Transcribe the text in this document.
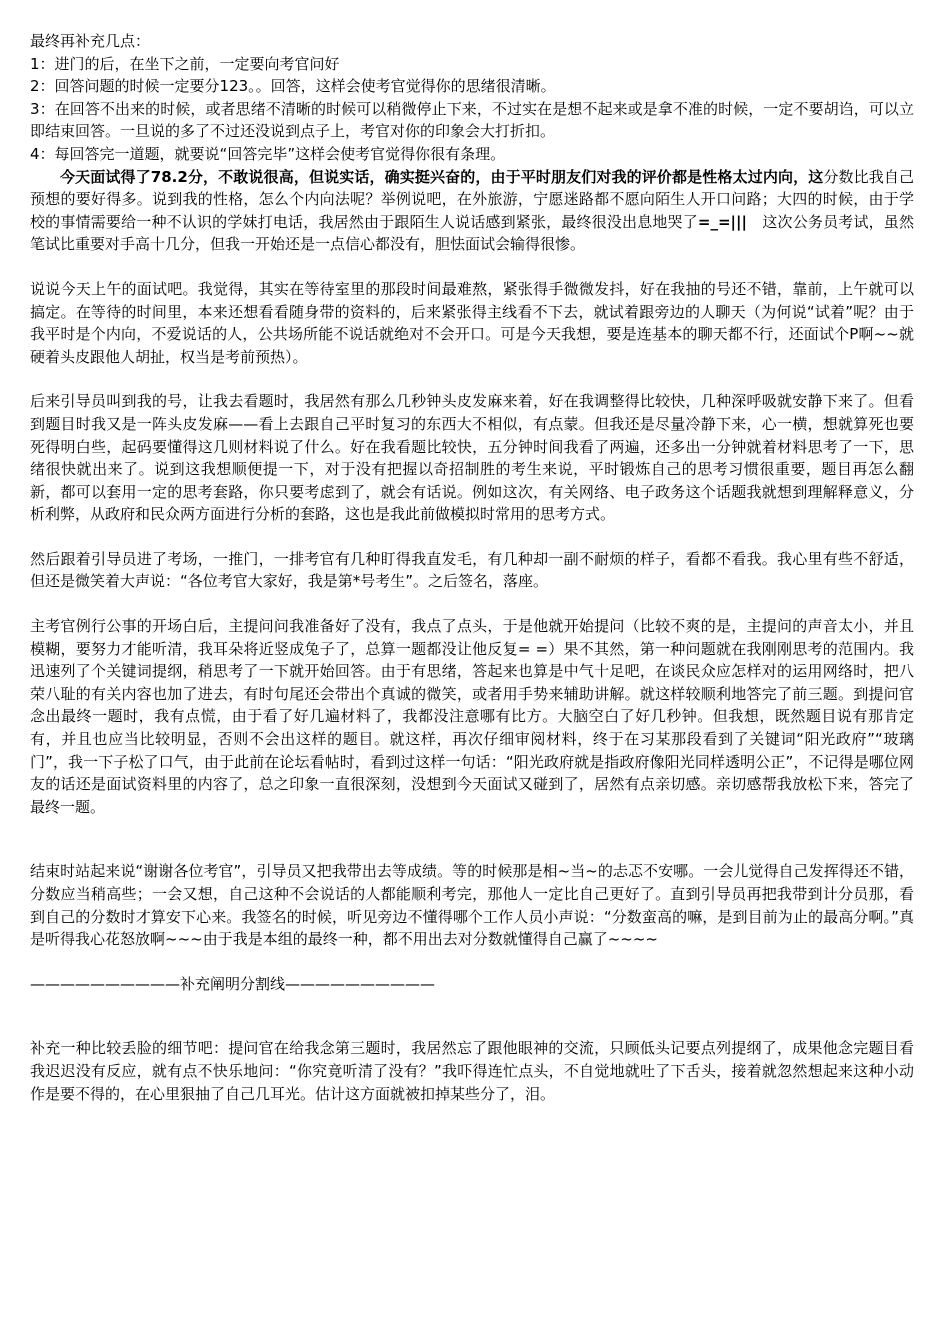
最终再补充几点：

1：进门的后，在坐下之前，一定要向考官问好

2：回答问题的时候一定要分123。。回答，这样会使考官觉得你的思绪很清晰。

3：在回答不出来的时候，或者思绪不清晰的时候可以稍微停止下来，不过实在是想不起来或是拿不准的时候，一定不要胡诌，可以立即结束回答。一旦说的多了不过还没说到点子上，考官对你的印象会大打折扣。

4：每回答完一道题，就要说“回答完毕”这样会使考官觉得你很有条理。

今天面试得了78.2分，不敢说很高，但说实话，确实挺兴奋的，由于平时朋友们对我的评价都是性格太过内向，这分数比我自己预想的要好得多。说到我的性格，怎么个内向法呢？举例说吧，在外旅游，宁愿迷路都不愿向陌生人开口问路；大四的时候，由于学校的事情需要给一种不认识的学妹打电话，我居然由于跟陌生人说话感到紧张，最终很没出息地哭了=_=|||　这次公务员考试，虽然笔试比重要对手高十几分，但我一开始还是一点信心都没有，胆怯面试会输得很惨。

说说今天上午的面试吧。我觉得，其实在等待室里的那段时间最难熬，紧张得手微微发抖，好在我抽的号还不错，靠前，上午就可以搞定。在等待的时间里，本来还想看看随身带的资料的，后来紧张得主线看不下去，就试着跟旁边的人聊天（为何说“试着”呢？由于我平时是个内向，不爱说话的人，公共场所能不说话就绝对不会开口。可是今天我想，要是连基本的聊天都不行，还面试个P啊~~就硬着头皮跟他人胡扯，权当是考前预热）。

后来引导员叫到我的号，让我去看题时，我居然有那么几秒钟头皮发麻来着，好在我调整得比较快，几种深呼吸就安静下来了。但看到题目时我又是一阵头皮发麻——看上去跟自己平时复习的东西大不相似，有点蒙。但我还是尽量冷静下来，心一横，想就算死也要死得明白些，起码要懂得这几则材料说了什么。好在我看题比较快，五分钟时间我看了两遍，还多出一分钟就着材料思考了一下，思绪很快就出来了。说到这我想顺便提一下，对于没有把握以奇招制胜的考生来说，平时锻炼自己的思考习惯很重要，题目再怎么翻新，都可以套用一定的思考套路，你只要考虑到了，就会有话说。例如这次，有关网络、电子政务这个话题我就想到理解释意义，分析利弊，从政府和民众两方面进行分析的套路，这也是我此前做模拟时常用的思考方式。

然后跟着引导员进了考场，一推门，一排考官有几种盯得我直发毛，有几种却一副不耐烦的样子，看都不看我。我心里有些不舒适，但还是微笑着大声说：“各位考官大家好，我是第*号考生”。之后签名，落座。

主考官例行公事的开场白后，主提问问我准备好了没有，我点了点头，于是他就开始提问（比较不爽的是，主提问的声音太小，并且模糊，要努力才能听清，我耳朵将近竖成兔子了，总算一题都没让他反复= =）果不其然，第一种问题就在我刚刚思考的范围内。我迅速列了个关键词提纲，稍思考了一下就开始回答。由于有思绪，答起来也算是中气十足吧，在谈民众应怎样对的运用网络时，把八荣八耻的有关内容也加了进去，有时句尾还会带出个真诚的微笑，或者用手势来辅助讲解。就这样较顺利地答完了前三题。到提问官念出最终一题时，我有点慌，由于看了好几遍材料了，我都没注意哪有比方。大脑空白了好几秒钟。但我想，既然题目说有那肯定有，并且也应当比较明显，否则不会出这样的题目。就这样，再次仔细审阅材料，终于在习某那段看到了关键词“阳光政府”“玻璃门”，我一下子松了口气，由于此前在论坛看帖时，看到过这样一句话：“阳光政府就是指政府像阳光同样透明公正”，不记得是哪位网友的话还是面试资料里的内容了，总之印象一直很深刻，没想到今天面试又碰到了，居然有点亲切感。亲切感帮我放松下来，答完了最终一题。

结束时站起来说“谢谢各位考官”，引导员又把我带出去等成绩。等的时候那是相~当~的忐忑不安哪。一会儿觉得自己发挥得还不错，分数应当稍高些；一会又想，自己这种不会说话的人都能顺利考完，那他人一定比自己更好了。直到引导员再把我带到计分员那，看到自己的分数时才算安下心来。我签名的时候，听见旁边不懂得哪个工作人员小声说：“分数蛮高的嘛，是到目前为止的最高分啊。”真是听得我心花怒放啊~~~由于我是本组的最终一种，都不用出去对分数就懂得自己赢了~~~~

——————————补充阐明分割线——————————

补充一种比较丢脸的细节吧：提问官在给我念第三题时，我居然忘了跟他眼神的交流，只顾低头记要点列提纲了，成果他念完题目看我迟迟没有反应，就有点不快乐地问：“你究竟听清了没有？”我吓得连忙点头，不自觉地就吐了下舌头，接着就忽然想起来这种小动作是要不得的，在心里狠抽了自己几耳光。估计这方面就被扣掉某些分了，泪。
